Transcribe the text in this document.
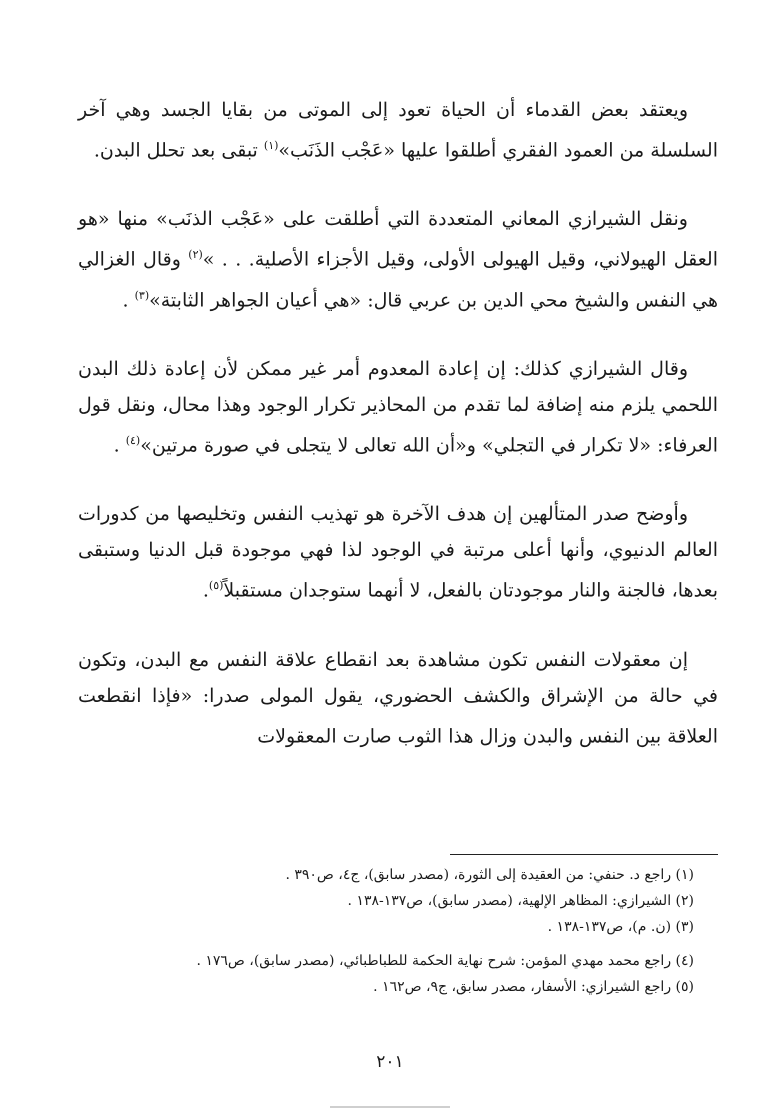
ويعتقد بعض القدماء أن الحياة تعود إلى الموتى من بقايا الجسد وهي آخر السلسلة من العمود الفقري أطلقوا عليها «عَجْب الذَنَب»$^{(١)}$ تبقى بعد تحلل البدن.

ونقل الشيرازي المعاني المتعددة التي أطلقت على «عَجْب الذنَب» منها «هو العقل الهيولاني، وقيل الهيولى الأولى، وقيل الأجزاء الأصلية. . . »$^{(٢)}$ وقال الغزالي هي النفس والشيخ محي الدين بن عربي قال: «هي أعيان الجواهر الثابتة»$^{(٣)}$ .

وقال الشيرازي كذلك: إن إعادة المعدوم أمر غير ممكن لأن إعادة ذلك البدن اللحمي يلزم منه إضافة لما تقدم من المحاذير تكرار الوجود وهذا محال، ونقل قول العرفاء: «لا تكرار في التجلي» و«أن الله تعالى لا يتجلى في صورة مرتين»$^{(٤)}$ .

وأوضح صدر المتألهين إن هدف الآخرة هو تهذيب النفس وتخليصها من كدورات العالم الدنيوي، وأنها أعلى مرتبة في الوجود لذا فهي موجودة قبل الدنيا وستبقى بعدها، فالجنة والنار موجودتان بالفعل، لا أنهما ستوجدان مستقبلاً$^{(٥)}$.

إن معقولات النفس تكون مشاهدة بعد انقطاع علاقة النفس مع البدن، وتكون في حالة من الإشراق والكشف الحضوري، يقول المولى صدرا: «فإذا انقطعت العلاقة بين النفس والبدن وزال هذا الثوب صارت المعقولات

(١) راجع د. حنفي: من العقيدة إلى الثورة، (مصدر سابق)، ج٤، ص٣٩٠ .

(٢) الشيرازي: المظاهر الإلهية، (مصدر سابق)، ص١٣٧-١٣٨ .

(٣) (ن. م)، ص١٣٧-١٣٨ .

(٤) راجع محمد مهدي المؤمن: شرح نهاية الحكمة للطباطبائي، (مصدر سابق)، ص١٧٦ .

(٥) راجع الشيرازي: الأسفار، مصدر سابق، ج٩، ص١٦٢ .

٢٠١
